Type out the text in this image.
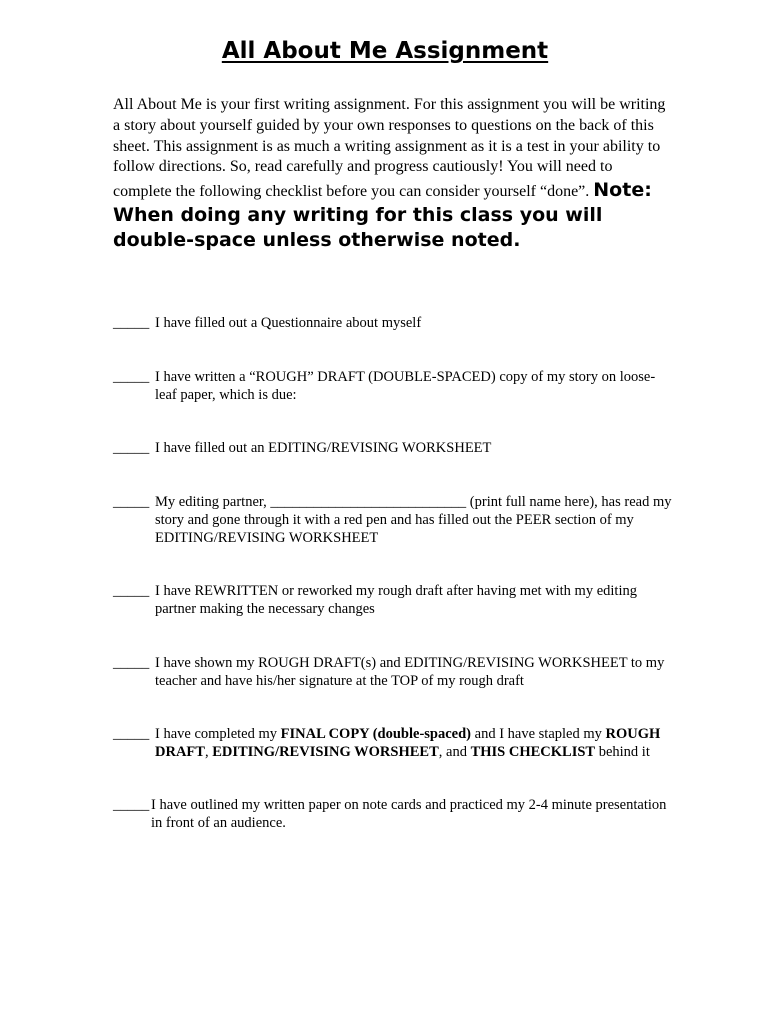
All About Me Assignment
All About Me is your first writing assignment. For this assignment you will be writing a story about yourself guided by your own responses to questions on the back of this sheet. This assignment is as much a writing assignment as it is a test in your ability to follow directions. So, read carefully and progress cautiously! You will need to complete the following checklist before you can consider yourself “done”. Note: When doing any writing for this class you will double-space unless otherwise noted.
_____ I have filled out a Questionnaire about myself
_____ I have written a “ROUGH” DRAFT (DOUBLE-SPACED) copy of my story on loose-leaf paper, which is due:
_____ I have filled out an EDITING/REVISING WORKSHEET
_____ My editing partner, ___________________________ (print full name here), has read my story and gone through it with a red pen and has filled out the PEER section of my EDITING/REVISING WORKSHEET
_____ I have REWRITTEN or reworked my rough draft after having met with my editing partner making the necessary changes
_____ I have shown my ROUGH DRAFT(s) and EDITING/REVISING WORKSHEET to my teacher and have his/her signature at the TOP of my rough draft
_____ I have completed my FINAL COPY (double-spaced) and I have stapled my ROUGH DRAFT, EDITING/REVISING WORSHEET, and THIS CHECKLIST behind it
_____ I have outlined my written paper on note cards and practiced my 2-4 minute presentation in front of an audience.
